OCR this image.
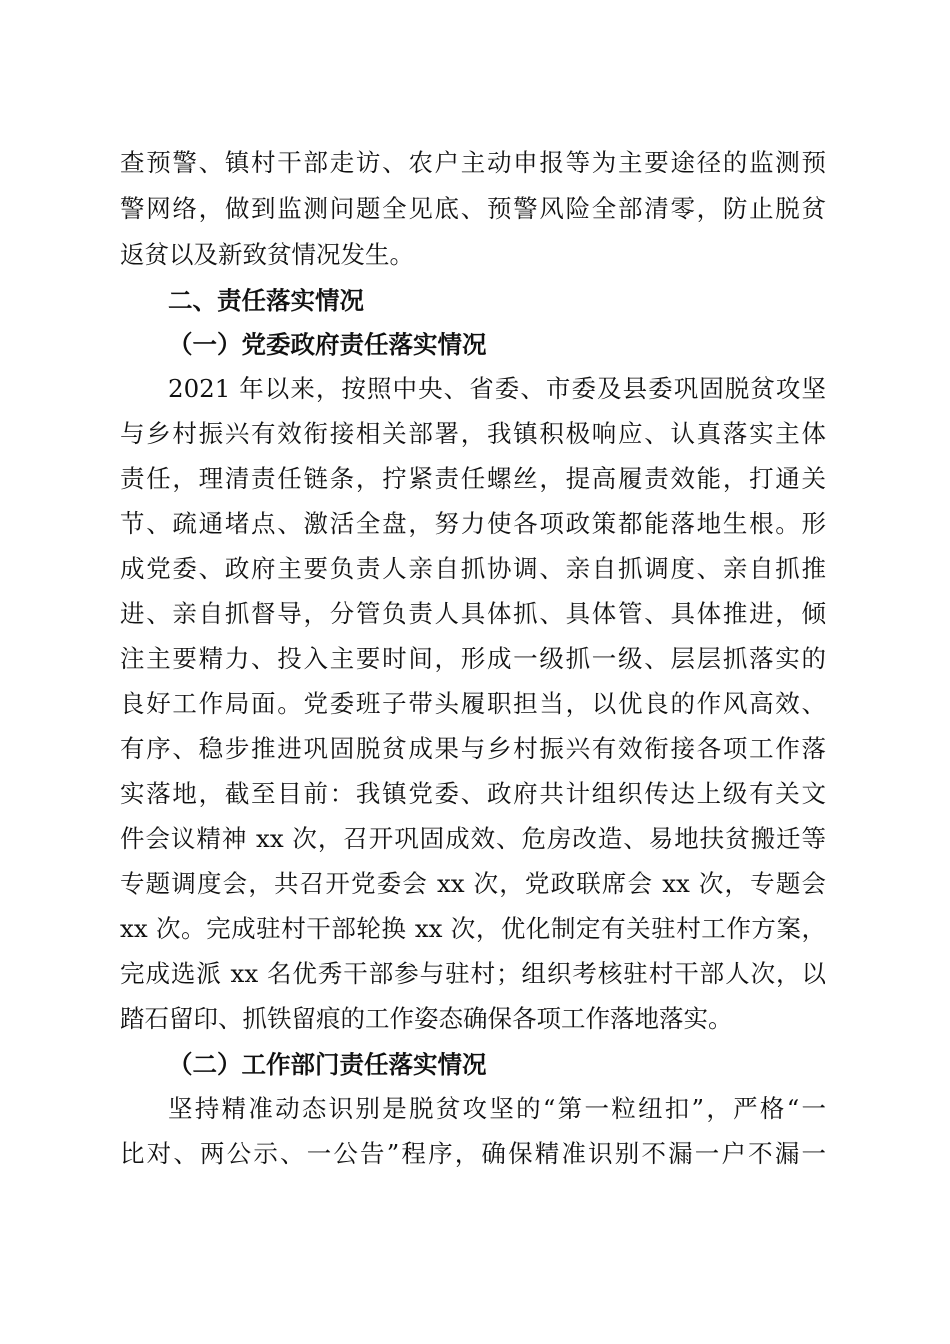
查预警、镇村干部走访、农户主动申报等为主要途径的监测预
警网络，做到监测问题全见底、预警风险全部清零，防止脱贫
返贫以及新致贫情况发生。
二、责任落实情况
（一）党委政府责任落实情况
2021 年以来，按照中央、省委、市委及县委巩固脱贫攻坚
与乡村振兴有效衔接相关部署，我镇积极响应、认真落实主体
责任，理清责任链条，拧紧责任螺丝，提高履责效能，打通关
节、疏通堵点、激活全盘，努力使各项政策都能落地生根。形
成党委、政府主要负责人亲自抓协调、亲自抓调度、亲自抓推
进、亲自抓督导，分管负责人具体抓、具体管、具体推进，倾
注主要精力、投入主要时间，形成一级抓一级、层层抓落实的
良好工作局面。党委班子带头履职担当，以优良的作风高效、
有序、稳步推进巩固脱贫成果与乡村振兴有效衔接各项工作落
实落地，截至目前：我镇党委、政府共计组织传达上级有关文
件会议精神 xx 次，召开巩固成效、危房改造、易地扶贫搬迁等
专题调度会，共召开党委会 xx 次，党政联席会 xx 次，专题会
xx 次。完成驻村干部轮换 xx 次，优化制定有关驻村工作方案，
完成选派 xx 名优秀干部参与驻村；组织考核驻村干部人次，以
踏石留印、抓铁留痕的工作姿态确保各项工作落地落实。
（二）工作部门责任落实情况
坚持精准动态识别是脱贫攻坚的“第一粒纽扣”，严格“一
比对、两公示、一公告”程序，确保精准识别不漏一户不漏一
